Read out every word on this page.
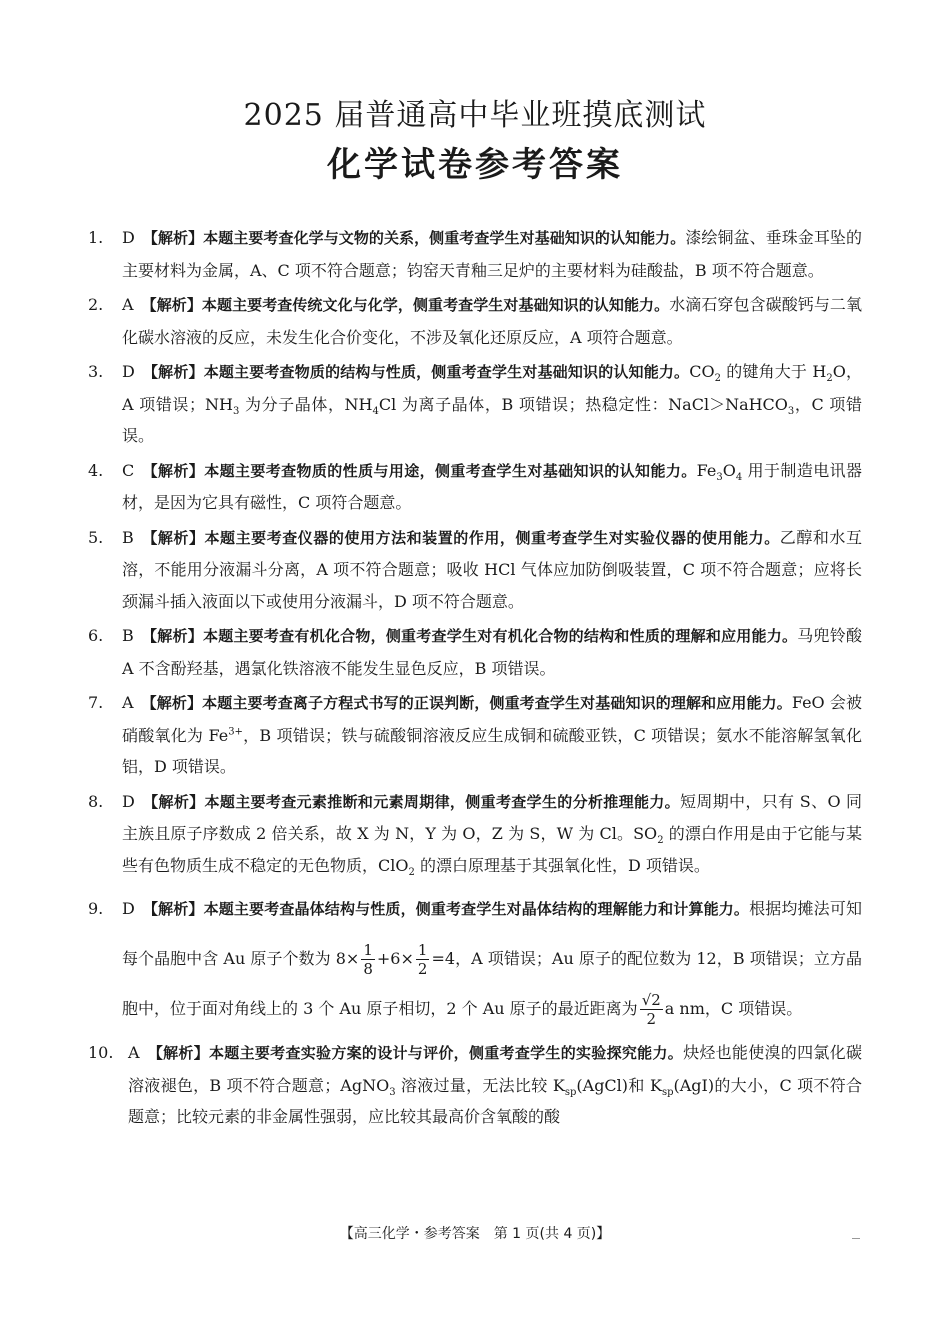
2025 届普通高中毕业班摸底测试
化学试卷参考答案
1. D 【解析】本题主要考查化学与文物的关系，侧重考查学生对基础知识的认知能力。漆绘铜盆、垂珠金耳坠的主要材料为金属，A、C 项不符合题意；钧窑天青釉三足炉的主要材料为硅酸盐，B 项不符合题意。
2. A 【解析】本题主要考查传统文化与化学，侧重考查学生对基础知识的认知能力。水滴石穿包含碳酸钙与二氧化碳水溶液的反应，未发生化合价变化，不涉及氧化还原反应，A 项符合题意。
3. D 【解析】本题主要考查物质的结构与性质，侧重考查学生对基础知识的认知能力。$CO_2$ 的键角大于 $H_2O$，A 项错误；$NH_3$ 为分子晶体，$NH_4Cl$ 为离子晶体，B 项错误；热稳定性：NaCl＞NaHCO$_3$，C 项错误。
4. C 【解析】本题主要考查物质的性质与用途，侧重考查学生对基础知识的认知能力。$Fe_3O_4$ 用于制造电讯器材，是因为它具有磁性，C 项符合题意。
5. B 【解析】本题主要考查仪器的使用方法和装置的作用，侧重考查学生对实验仪器的使用能力。乙醇和水互溶，不能用分液漏斗分离，A 项不符合题意；吸收 HCl 气体应加防倒吸装置，C 项不符合题意；应将长颈漏斗插入液面以下或使用分液漏斗，D 项不符合题意。
6. B 【解析】本题主要考查有机化合物，侧重考查学生对有机化合物的结构和性质的理解和应用能力。马兜铃酸 A 不含酚羟基，遇氯化铁溶液不能发生显色反应，B 项错误。
7. A 【解析】本题主要考查离子方程式书写的正误判断，侧重考查学生对基础知识的理解和应用能力。FeO 会被硝酸氧化为 $Fe^{3+}$，B 项错误；铁与硫酸铜溶液反应生成铜和硫酸亚铁，C 项错误；氨水不能溶解氢氧化铝，D 项错误。
8. D 【解析】本题主要考查元素推断和元素周期律，侧重考查学生的分析推理能力。短周期中，只有 S、O 同主族且原子序数成 2 倍关系，故 X 为 N，Y 为 O，Z 为 S，W 为 Cl。$SO_2$ 的漂白作用是由于它能与某些有色物质生成不稳定的无色物质，ClO$_2$ 的漂白原理基于其强氧化性，D 项错误。
9. D 【解析】本题主要考查晶体结构与性质，侧重考查学生对晶体结构的理解能力和计算能力。根据均摊法可知每个晶胞中含 Au 原子个数为 $8\times \frac{1}{8} +6\times \frac{1}{2} =4$，A 项错误；Au 原子的配位数为 12，B 项错误；立方晶胞中，位于面对角线上的 3 个 Au 原子相切，2 个 Au 原子的最近距离为 $\frac{√2}{2}$ a nm，C 项错误。
10. A 【解析】本题主要考查实验方案的设计与评价，侧重考查学生的实验探究能力。炔烃也能使溴的四氯化碳溶液褪色，B 项不符合题意；AgNO$_3$ 溶液过量，无法比较 $K_{sp}(AgCl)$和 $K_{sp}(AgI)$的大小，C 项不符合题意；比较元素的非金属性强弱，应比较其最高价含氧酸的酸
【高三化学・参考答案　第 1 页(共 4 页)】
